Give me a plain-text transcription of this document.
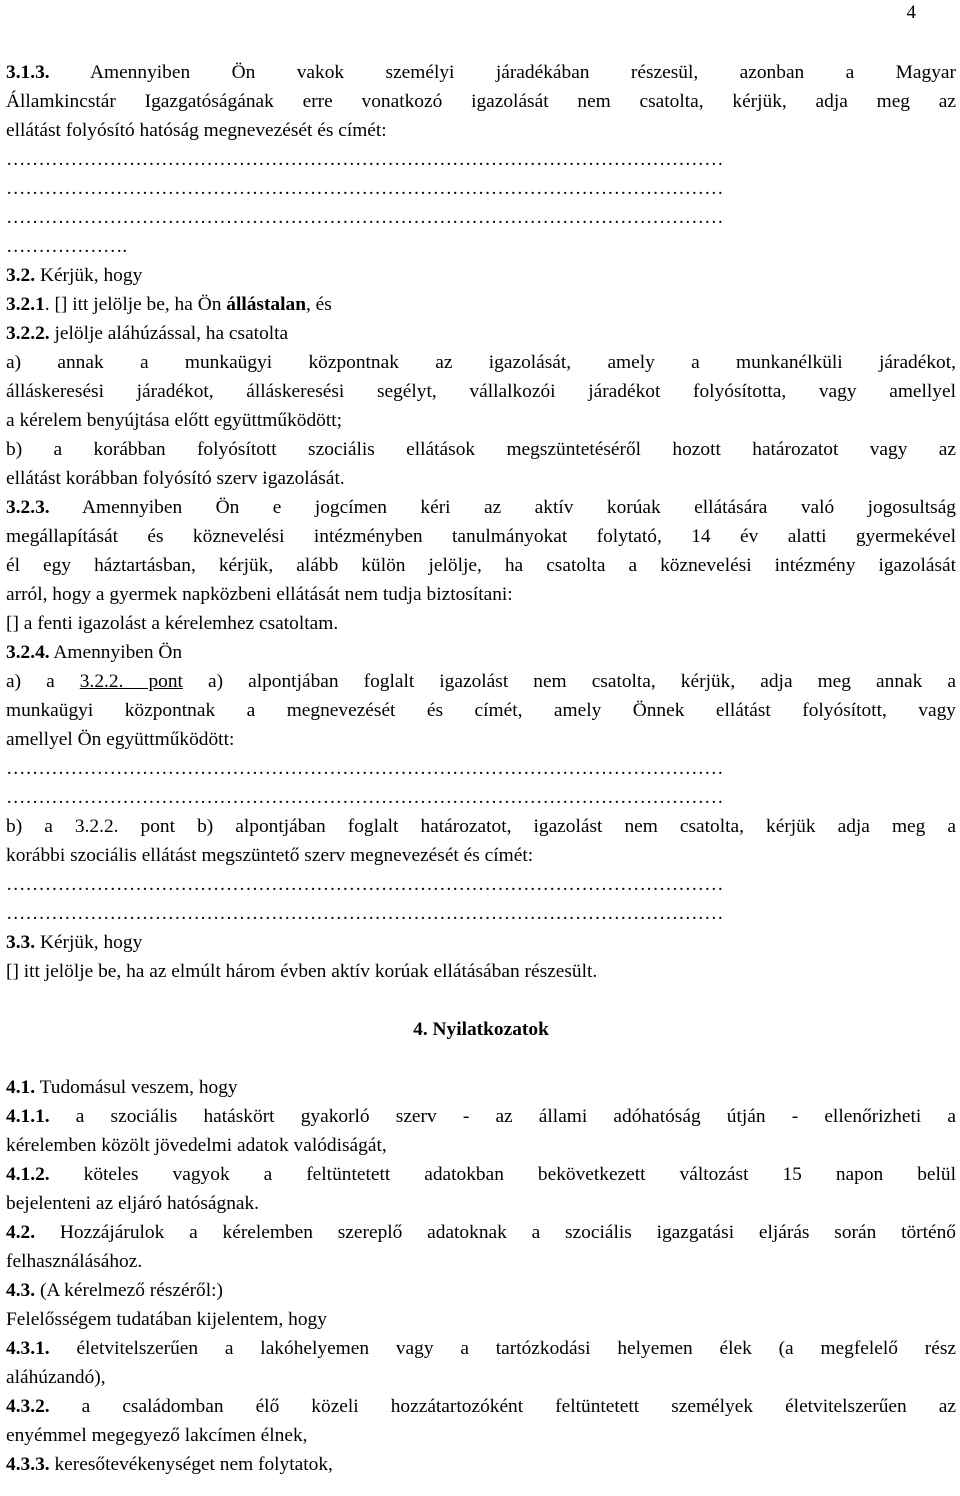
4
3.1.3. Amennyiben Ön vakok személyi járadékában részesül, azonban a Magyar
Államkincstár Igazgatóságának erre vonatkozó igazolását nem csatolta, kérjük, adja meg az
ellátást folyósító hatóság megnevezését és címét:
…………………………………………………………………………………………………
…………………………………………………………………………………………………
…………………………………………………………………………………………………
……………….
3.2. Kérjük, hogy
3.2.1. [] itt jelölje be, ha Ön állástalan, és
3.2.2. jelölje aláhúzással, ha csatolta
a) annak a munkaügyi központnak az igazolását, amely a munkanélküli járadékot,
álláskeresési járadékot, álláskeresési segélyt, vállalkozói járadékot folyósította, vagy amellyel
a kérelem benyújtása előtt együttműködött;
b) a korábban folyósított szociális ellátások megszüntetéséről hozott határozatot vagy az
ellátást korábban folyósító szerv igazolását.
3.2.3. Amennyiben Ön e jogcímen kéri az aktív korúak ellátására való jogosultság
megállapítását és köznevelési intézményben tanulmányokat folytató, 14 év alatti gyermekével
él egy háztartásban, kérjük, alább külön jelölje, ha csatolta a köznevelési intézmény igazolását
arról, hogy a gyermek napközbeni ellátását nem tudja biztosítani:
[] a fenti igazolást a kérelemhez csatoltam.
3.2.4. Amennyiben Ön
a) a 3.2.2. pont a) alpontjában foglalt igazolást nem csatolta, kérjük, adja meg annak a
munkaügyi központnak a megnevezését és címét, amely Önnek ellátást folyósított, vagy
amellyel Ön együttműködött:
…………………………………………………………………………………………………
…………………………………………………………………………………………………
b) a 3.2.2. pont b) alpontjában foglalt határozatot, igazolást nem csatolta, kérjük adja meg a
korábbi szociális ellátást megszüntető szerv megnevezését és címét:
…………………………………………………………………………………………………
…………………………………………………………………………………………………
3.3. Kérjük, hogy
[] itt jelölje be, ha az elmúlt három évben aktív korúak ellátásában részesült.
4. Nyilatkozatok
4.1. Tudomásul veszem, hogy
4.1.1. a szociális hatáskört gyakorló szerv - az állami adóhatóság útján - ellenőrizheti a
kérelemben közölt jövedelmi adatok valódiságát,
4.1.2. köteles vagyok a feltüntetett adatokban bekövetkezett változást 15 napon belül
bejelenteni az eljáró hatóságnak.
4.2. Hozzájárulok a kérelemben szereplő adatoknak a szociális igazgatási eljárás során történő
felhasználásához.
4.3. (A kérelmező részéről:)
Felelősségem tudatában kijelentem, hogy
4.3.1. életvitelszerűen a lakóhelyemen vagy a tartózkodási helyemen élek (a megfelelő rész
aláhúzandó),
4.3.2. a családomban élő közeli hozzátartozóként feltüntetett személyek életvitelszerűen az
enyémmel megegyező lakcímen élnek,
4.3.3. keresőtevékenységet nem folytatok,
